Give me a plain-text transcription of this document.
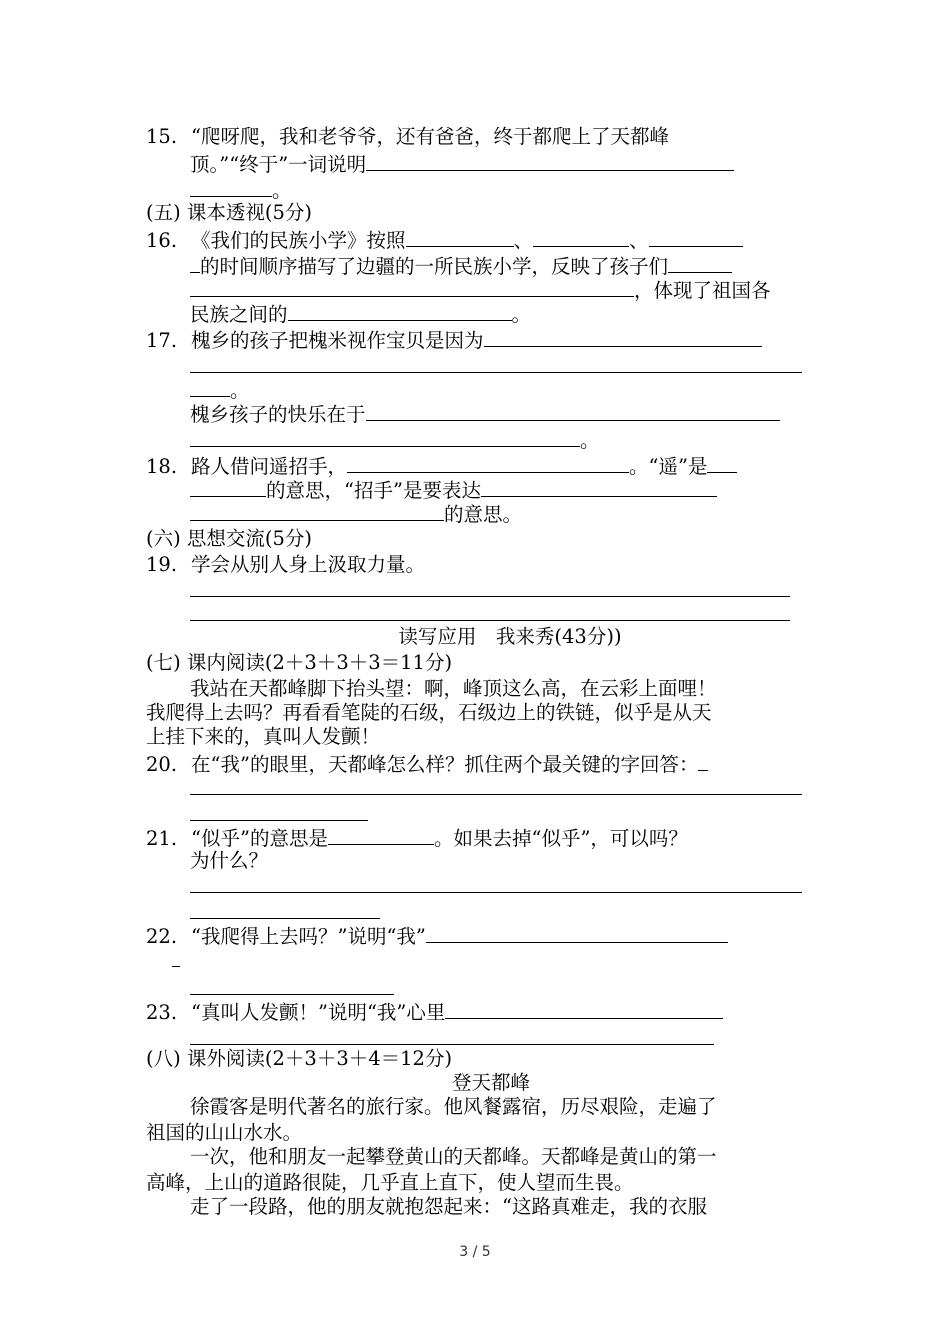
15. “爬呀爬，我和老爷爷，还有爸爸，终于都爬上了天都峰
顶。”“终于”一词说明
。
(五) 课本透视(5分)
16. 《我们的民族小学》按照	、	、
的时间顺序描写了边疆的一所民族小学，反映了孩子们
，体现了祖国各
民族之间的	。
17. 槐乡的孩子把槐米视作宝贝是因为
。
槐乡孩子的快乐在于
。
18. 路人借问遥招手，	。“遥”是
的意思，“招手”是要表达
的意思。
(六) 思想交流(5分)
19. 学会从别人身上汲取力量。
读写应用　我来秀(43分))
(七) 课内阅读(2＋3＋3＋3＝11分)
我站在天都峰脚下抬头望：啊，峰顶这么高，在云彩上面哩！
我爬得上去吗？再看看笔陡的石级，石级边上的铁链，似乎是从天
上挂下来的，真叫人发颤！
20. 在“我”的眼里，天都峰怎么样？抓住两个最关键的字回答：
21. “似乎”的意思是	。如果去掉“似乎”，可以吗？
为什么？
22. “我爬得上去吗？”说明“我”
23. “真叫人发颤！”说明“我”心里
(八) 课外阅读(2＋3＋3＋4＝12分)
登天都峰
徐霞客是明代著名的旅行家。他风餐露宿，历尽艰险，走遍了
祖国的山山水水。
一次，他和朋友一起攀登黄山的天都峰。天都峰是黄山的第一
高峰，上山的道路很陡，几乎直上直下，使人望而生畏。
走了一段路，他的朋友就抱怨起来：“这路真难走，我的衣服
3 / 5
